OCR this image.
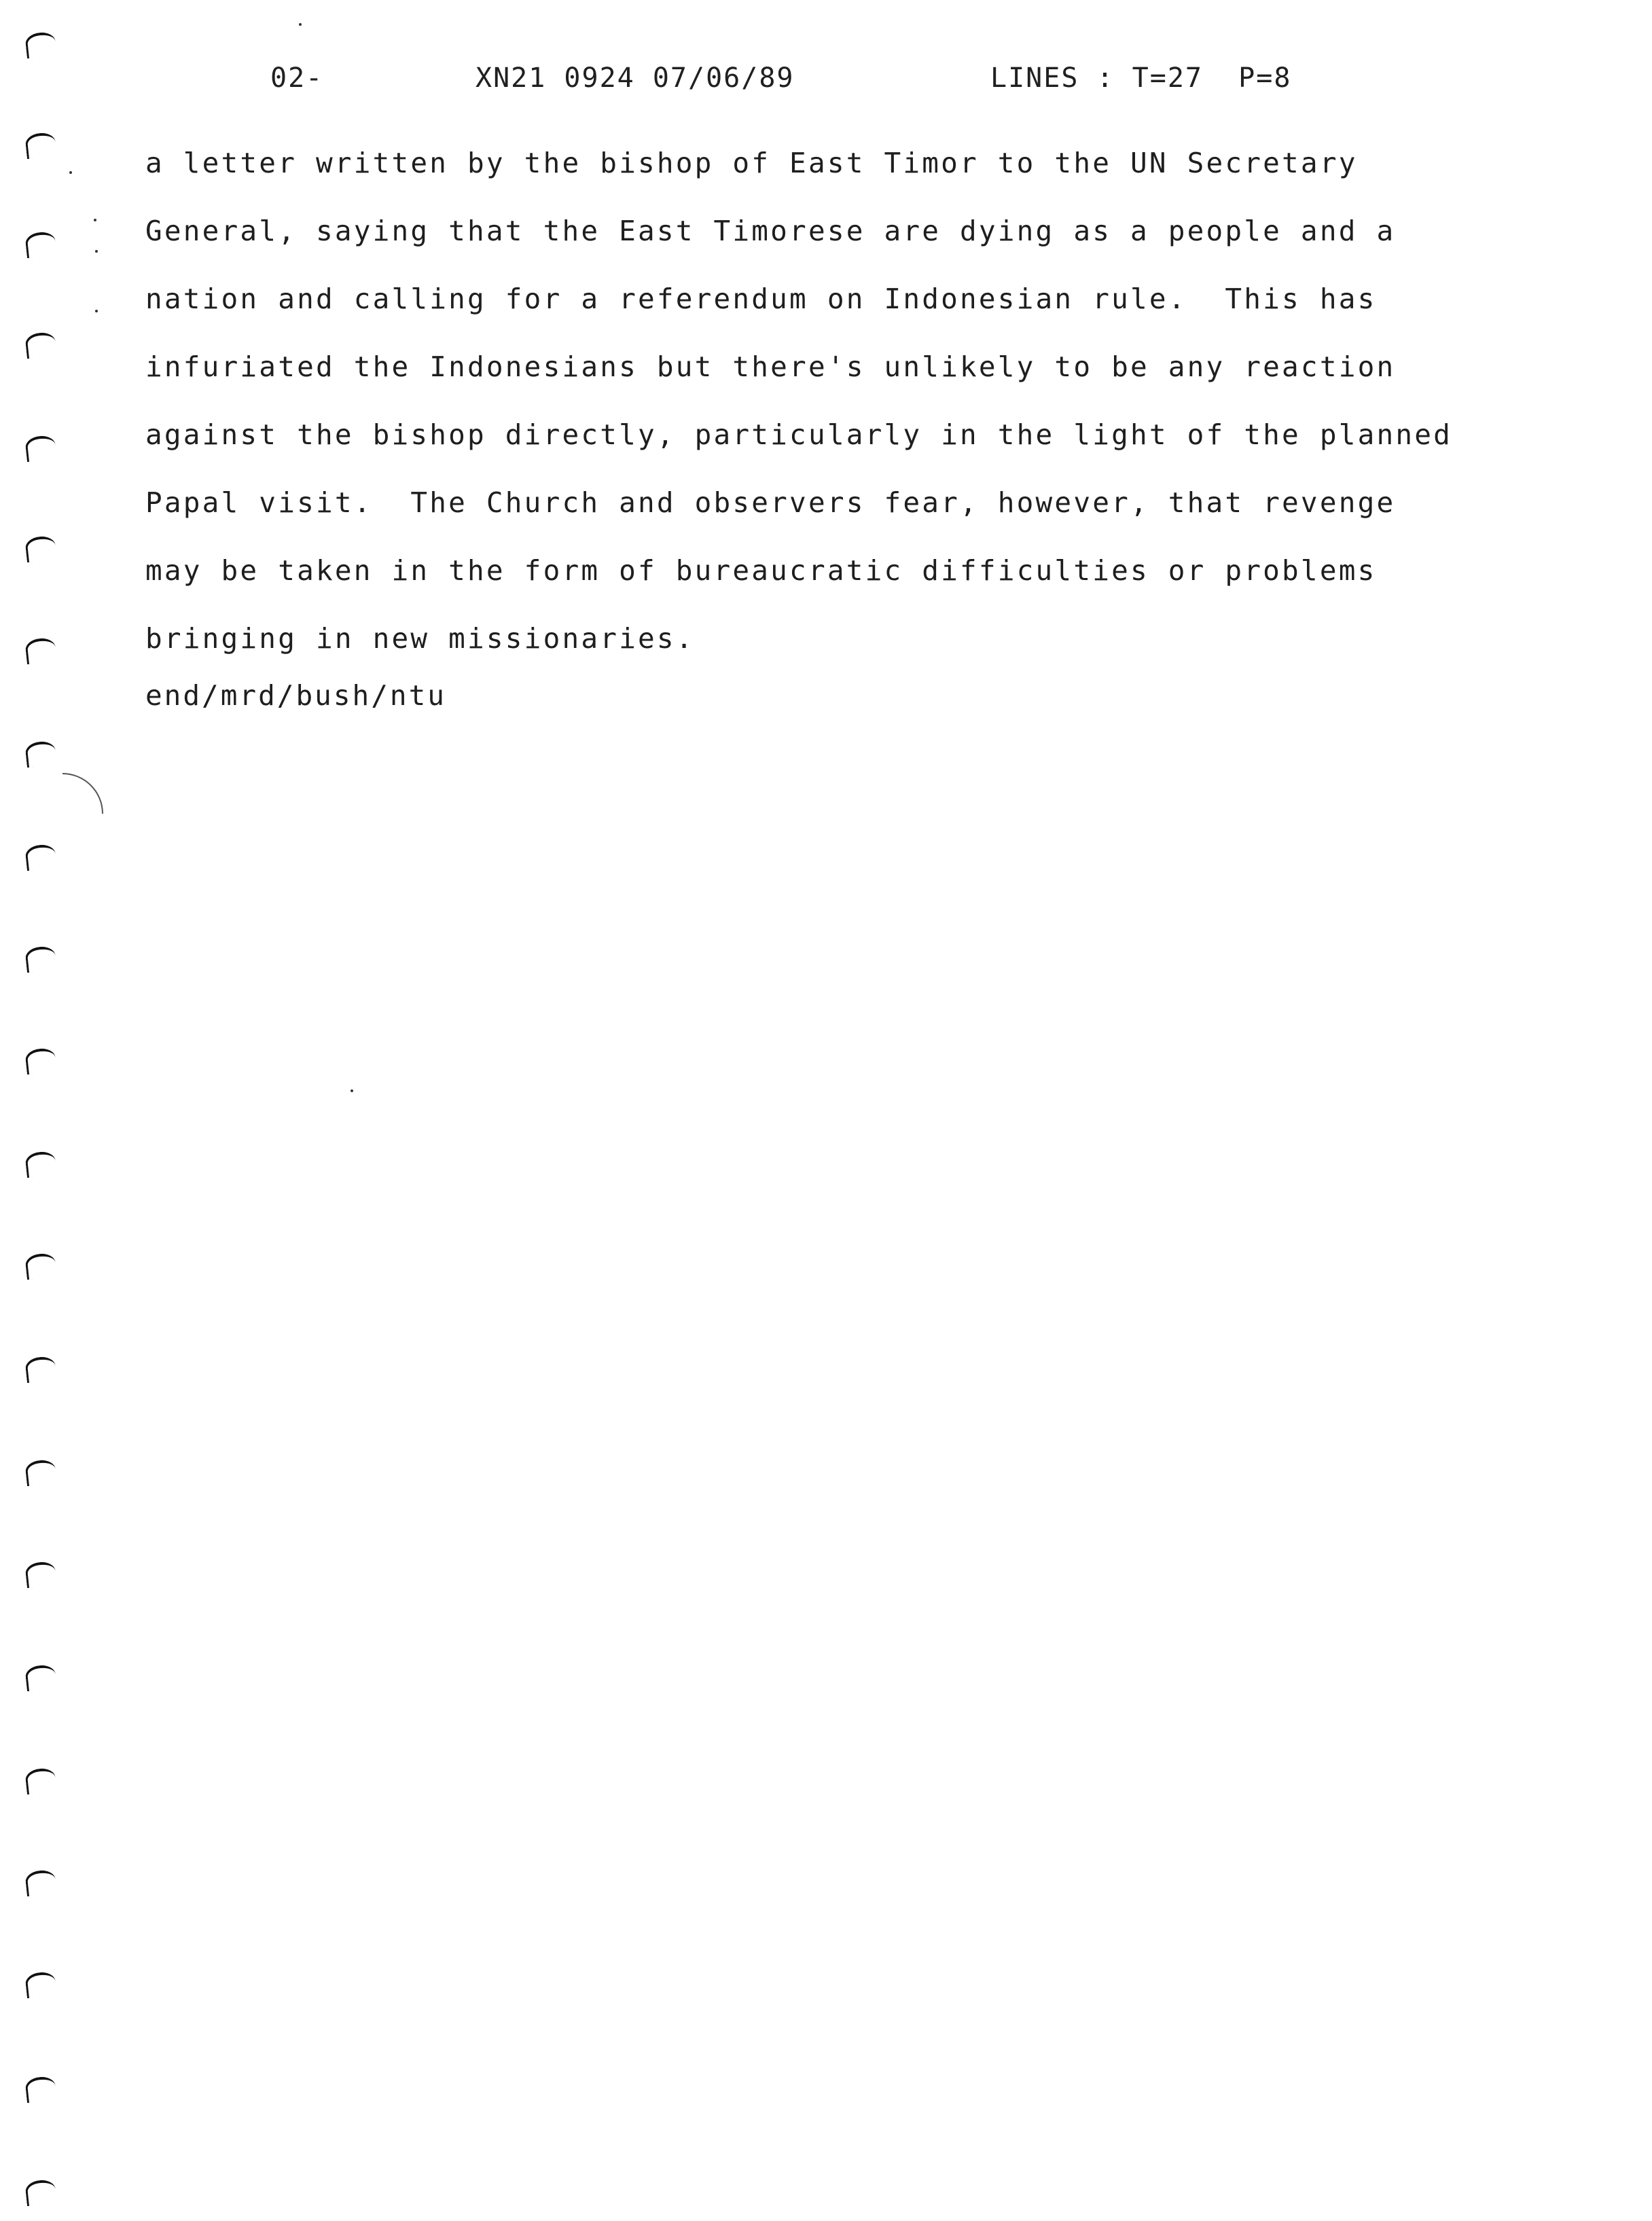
02-	XN21 0924 07/06/89	LINES : T=27  P=8
a letter written by the bishop of East Timor to the UN Secretary
General, saying that the East Timorese are dying as a people and a
nation and calling for a referendum on Indonesian rule.  This has
infuriated the Indonesians but there's unlikely to be any reaction
against the bishop directly, particularly in the light of the planned
Papal visit.  The Church and observers fear, however, that revenge
may be taken in the form of bureaucratic difficulties or problems
bringing in new missionaries.
end/mrd/bush/ntu
